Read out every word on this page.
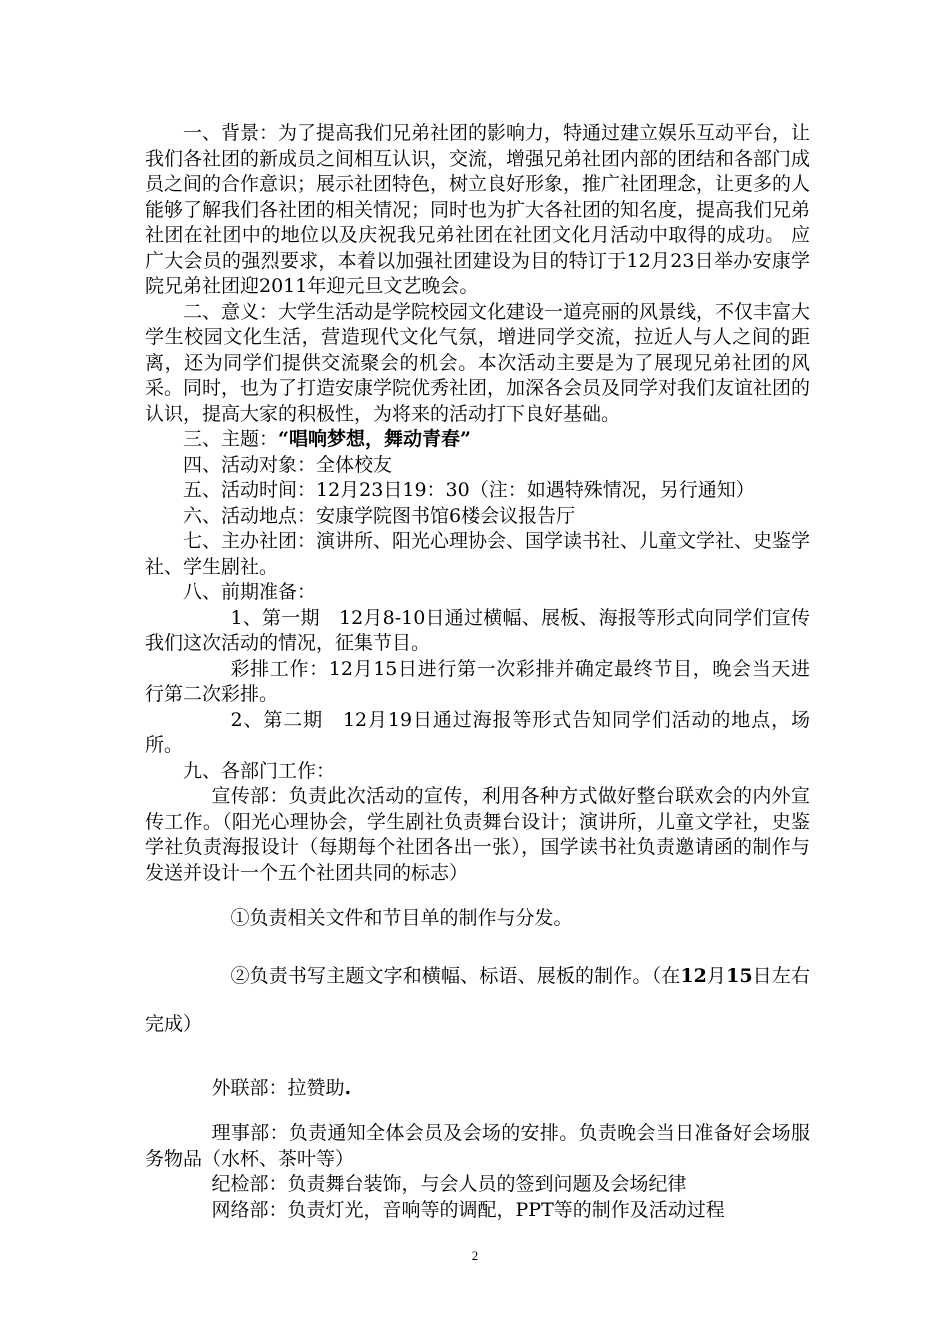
一、背景：为了提高我们兄弟社团的影响力，特通过建立娱乐互动平台，让我们各社团的新成员之间相互认识，交流，增强兄弟社团内部的团结和各部门成员之间的合作意识；展示社团特色，树立良好形象，推广社团理念，让更多的人能够了解我们各社团的相关情况；同时也为扩大各社团的知名度，提高我们兄弟社团在社团中的地位以及庆祝我兄弟社团在社团文化月活动中取得的成功。 应广大会员的强烈要求，本着以加强社团建设为目的特订于12月23日举办安康学院兄弟社团迎2011年迎元旦文艺晚会。

二、意义：大学生活动是学院校园文化建设一道亮丽的风景线，不仅丰富大学生校园文化生活，营造现代文化气氛，增进同学交流，拉近人与人之间的距离，还为同学们提供交流聚会的机会。本次活动主要是为了展现兄弟社团的风采。同时，也为了打造安康学院优秀社团，加深各会员及同学对我们友谊社团的认识，提高大家的积极性，为将来的活动打下良好基础。

三、主题：“唱响梦想，舞动青春”

四、活动对象：全体校友

五、活动时间：12月23日19：30（注：如遇特殊情况，另行通知）

六、活动地点：安康学院图书馆6楼会议报告厅

七、主办社团：演讲所、阳光心理协会、国学读书社、儿童文学社、史鉴学社、学生剧社。

八、前期准备：

1、第一期　12月8-10日通过横幅、展板、海报等形式向同学们宣传我们这次活动的情况，征集节目。

彩排工作：12月15日进行第一次彩排并确定最终节目，晚会当天进行第二次彩排。

2、第二期　12月19日通过海报等形式告知同学们活动的地点，场所。

九、各部门工作：

宣传部：负责此次活动的宣传，利用各种方式做好整台联欢会的内外宣传工作。（阳光心理协会，学生剧社负责舞台设计；演讲所，儿童文学社，史鉴学社负责海报设计（每期每个社团各出一张），国学读书社负责邀请函的制作与发送并设计一个五个社团共同的标志）

①负责相关文件和节目单的制作与分发。

②负责书写主题文字和横幅、标语、展板的制作。（在12月15日左右完成）

外联部：拉赞助.

理事部：负责通知全体会员及会场的安排。负责晚会当日准备好会场服务物品（水杯、茶叶等）

纪检部：负责舞台装饰，与会人员的签到问题及会场纪律

网络部：负责灯光，音响等的调配，PPT等的制作及活动过程

2
